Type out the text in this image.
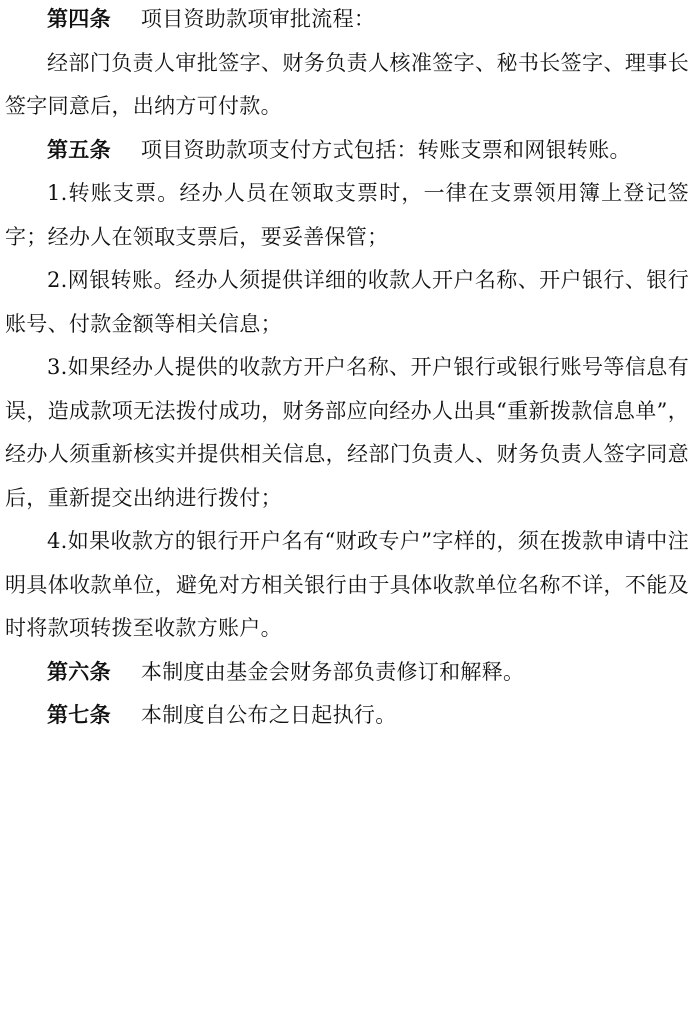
第四条 项目资助款项审批流程：

经部门负责人审批签字、财务负责人核准签字、秘书长签字、理事长签字同意后，出纳方可付款。

第五条 项目资助款项支付方式包括：转账支票和网银转账。

1.转账支票。经办人员在领取支票时，一律在支票领用簿上登记签字；经办人在领取支票后，要妥善保管；

2.网银转账。经办人须提供详细的收款人开户名称、开户银行、银行账号、付款金额等相关信息；

3.如果经办人提供的收款方开户名称、开户银行或银行账号等信息有误，造成款项无法拨付成功，财务部应向经办人出具“重新拨款信息单”，经办人须重新核实并提供相关信息，经部门负责人、财务负责人签字同意后，重新提交出纳进行拨付；

4.如果收款方的银行开户名有“财政专户”字样的，须在拨款申请中注明具体收款单位，避免对方相关银行由于具体收款单位名称不详，不能及时将款项转拨至收款方账户。

第六条 本制度由基金会财务部负责修订和解释。

第七条 本制度自公布之日起执行。
